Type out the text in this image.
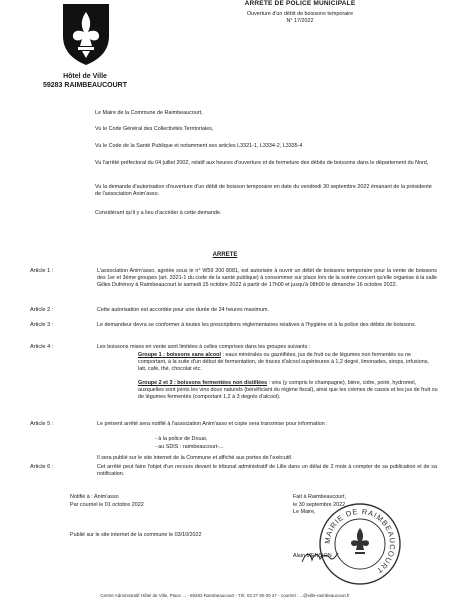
Hôtel de Ville
59283 RAIMBEAUCOURT
ARRETE DE POLICE MUNICIPALE
Ouverture d'un débit de boissons temporaire
N° 17/2022
Le Maire de la Commune de Raimbeaucourt,
Vu le Code Général des Collectivités Territoriales,
Vu le Code de la Santé Publique et notamment ses articles L3321-1, L3334-2, L3335-4
Vu l'arrêté préfectoral du 04 juillet 2002, relatif aux heures d'ouverture et de fermeture des débits de boissons dans le département du Nord,
Vu la demande d'autorisation d'ouverture d'un débit de boisson temporaire en date du vendredi 30 septembre 2022 émanant de la présidente de l'association Anim'asso.
Considérant qu'il y a lieu d'accéder à cette demande.
ARRETE
Article 1 :	L'association Anim'asso, agréée sous le n° W59 200 8081, est autorisée à ouvrir un débit de boissons temporaire pour la vente de boissons des 1er et 3ème groupes (art. 3321-1 du code de la santé publique) à consommer sur place lors de la soirée concert qu'elle organise à la salle Gilles Dufrénoy à Raimbeaucourt le samedi 15 octobre 2022 à partir de 17h00 et jusqu'à 08h00 le dimanche 16 octobre 2022.
Article 2 :	Cette autorisation est accordée pour une durée de 24 heures maximum.
Article 3 :	Le demandeur devra se conformer à toutes les prescriptions réglementaires relatives à l'hygiène et à la police des débits de boissons.
Article 4 :	Les boissons mises en vente sont limitées à celles comprises dans les groupes suivants :
Groupe 1 : boissons sans alcool : eaux minérales ou gazéifiées, jus de fruit ou de légumes non fermentés ou ne comportant, à la suite d'un début de fermentation, de traces d'alcool supérieures à 1,2 degré, limonades, sirops, infusions, lait, café, thé, chocolat etc.
Groupe 2 et 3 : boissons fermentées non distillées : vins (y compris le champagne), bière, cidre, poiré, hydromel, auxquelles sont joints les vins doux naturels (bénéficiant du régime fiscal), ainsi que les crèmes de cassis et les jus de fruit ou de légumes fermentés (comportant 1,2 à 3 degrés d'alcool).
Article 5 :	Le présent arrêté sera notifié à l'association Anim'asso et copie sera transmise pour information :
- à la police de Douai,
- au SDIS : raimbeaucourt-...
Il sera publié sur le site internet de la Commune et affiché aux portes de l'exécutif.
Article 6 :	Cet arrêté peut faire l'objet d'un recours devant le tribunal administratif de Lille dans un délai de 2 mois à compter de sa publication et de sa notification.
Notifié à : Anim'asso
Par courriel le 01 octobre 2022
Publié sur le site internet de la commune le 03/10/2022
MAIRIE DE RAIMBEAUCOURT
Fait à Raimbeaucourt,
le 30 septembre 2022
Le Maire,
Alain MENSION
Centre Administratif Hôtel de Ville, Place ... - 59283 Raimbeaucourt - Tél. 03 27 80 00 47 - courriel : ...@ville-raimbeaucourt.fr
